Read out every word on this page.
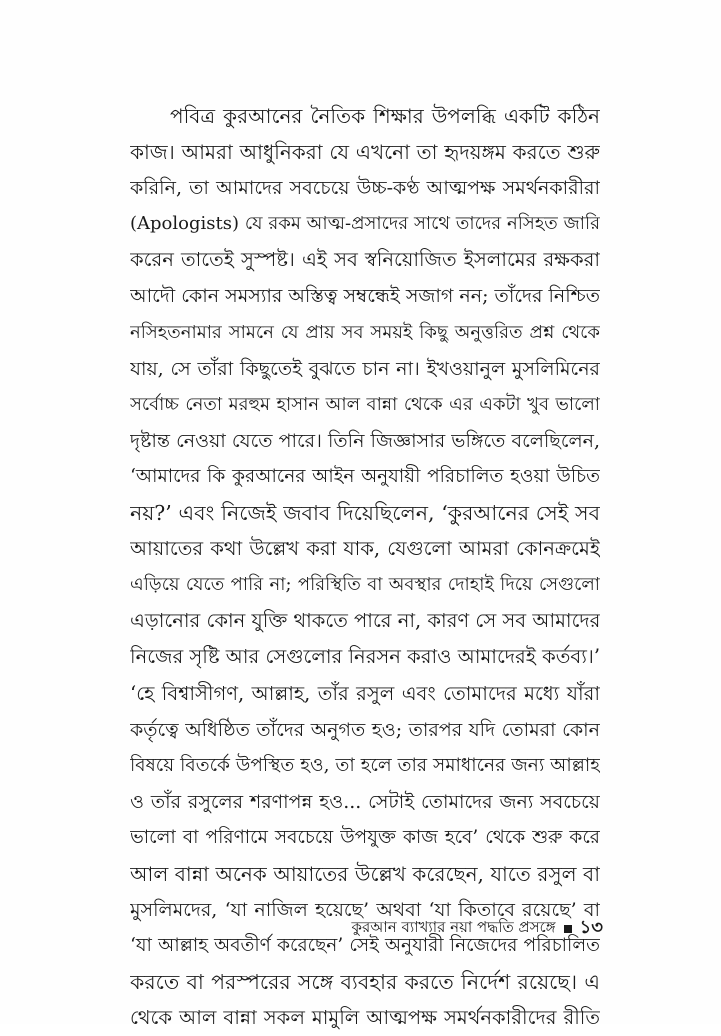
পবিত্র কুরআনের নৈতিক শিক্ষার উপলব্ধি একটি কঠিন
কাজ। আমরা আধুনিকরা যে এখনো তা হৃদয়ঙ্গম করতে শুরু
করিনি, তা আমাদের সবচেয়ে উচ্চ-কণ্ঠ আত্মপক্ষ সমর্থনকারীরা
(Apologists) যে রকম আত্ম-প্রসাদের সাথে তাদের নসিহত জারি
করেন তাতেই সুস্পষ্ট। এই সব স্বনিয়োজিত ইসলামের রক্ষকরা
আদৌ কোন সমস্যার অস্তিত্ব সম্বন্ধেই সজাগ নন; তাঁদের নিশ্চিত
নসিহতনামার সামনে যে প্রায় সব সময়ই কিছু অনুত্তরিত প্রশ্ন থেকে
যায়, সে তাঁরা কিছুতেই বুঝতে চান না। ইখওয়ানুল মুসলিমিনের
সর্বোচ্চ নেতা মরহুম হাসান আল বান্না থেকে এর একটা খুব ভালো
দৃষ্টান্ত নেওয়া যেতে পারে। তিনি জিজ্ঞাসার ভঙ্গিতে বলেছিলেন,
‘আমাদের কি কুরআনের আইন অনুযায়ী পরিচালিত হওয়া উচিত
নয়?’ এবং নিজেই জবাব দিয়েছিলেন, ‘কুরআনের সেই সব
আয়াতের কথা উল্লেখ করা যাক, যেগুলো আমরা কোনক্রমেই
এড়িয়ে যেতে পারি না; পরিস্থিতি বা অবস্থার দোহাই দিয়ে সেগুলো
এড়ানোর কোন যুক্তি থাকতে পারে না, কারণ সে সব আমাদের
নিজের সৃষ্টি আর সেগুলোর নিরসন করাও আমাদেরই কর্তব্য।’
‘হে বিশ্বাসীগণ, আল্লাহ, তাঁর রসুল এবং তোমাদের মধ্যে যাঁরা
কর্তৃত্বে অধিষ্ঠিত তাঁদের অনুগত হও; তারপর যদি তোমরা কোন
বিষয়ে বিতর্কে উপস্থিত হও, তা হলে তার সমাধানের জন্য আল্লাহ
ও তাঁর রসুলের শরণাপন্ন হও... সেটাই তোমাদের জন্য সবচেয়ে
ভালো বা পরিণামে সবচেয়ে উপযুক্ত কাজ হবে’ থেকে শুরু করে
আল বান্না অনেক আয়াতের উল্লেখ করেছেন, যাতে রসুল বা
মুসলিমদের, ‘যা নাজিল হয়েছে’ অথবা ‘যা কিতাবে রয়েছে’ বা
‘যা আল্লাহ অবতীর্ণ করেছেন’ সেই অনুযারী নিজেদের পরিচালিত
করতে বা পরস্পরের সঙ্গে ব্যবহার করতে নির্দেশ রয়েছে। এ
থেকে আল বান্না সকল মামুলি আত্মপক্ষ সমর্থনকারীদের রীতি
কুরআন ব্যাখ্যার নয়া পদ্ধতি প্রসঙ্গে ১৩
